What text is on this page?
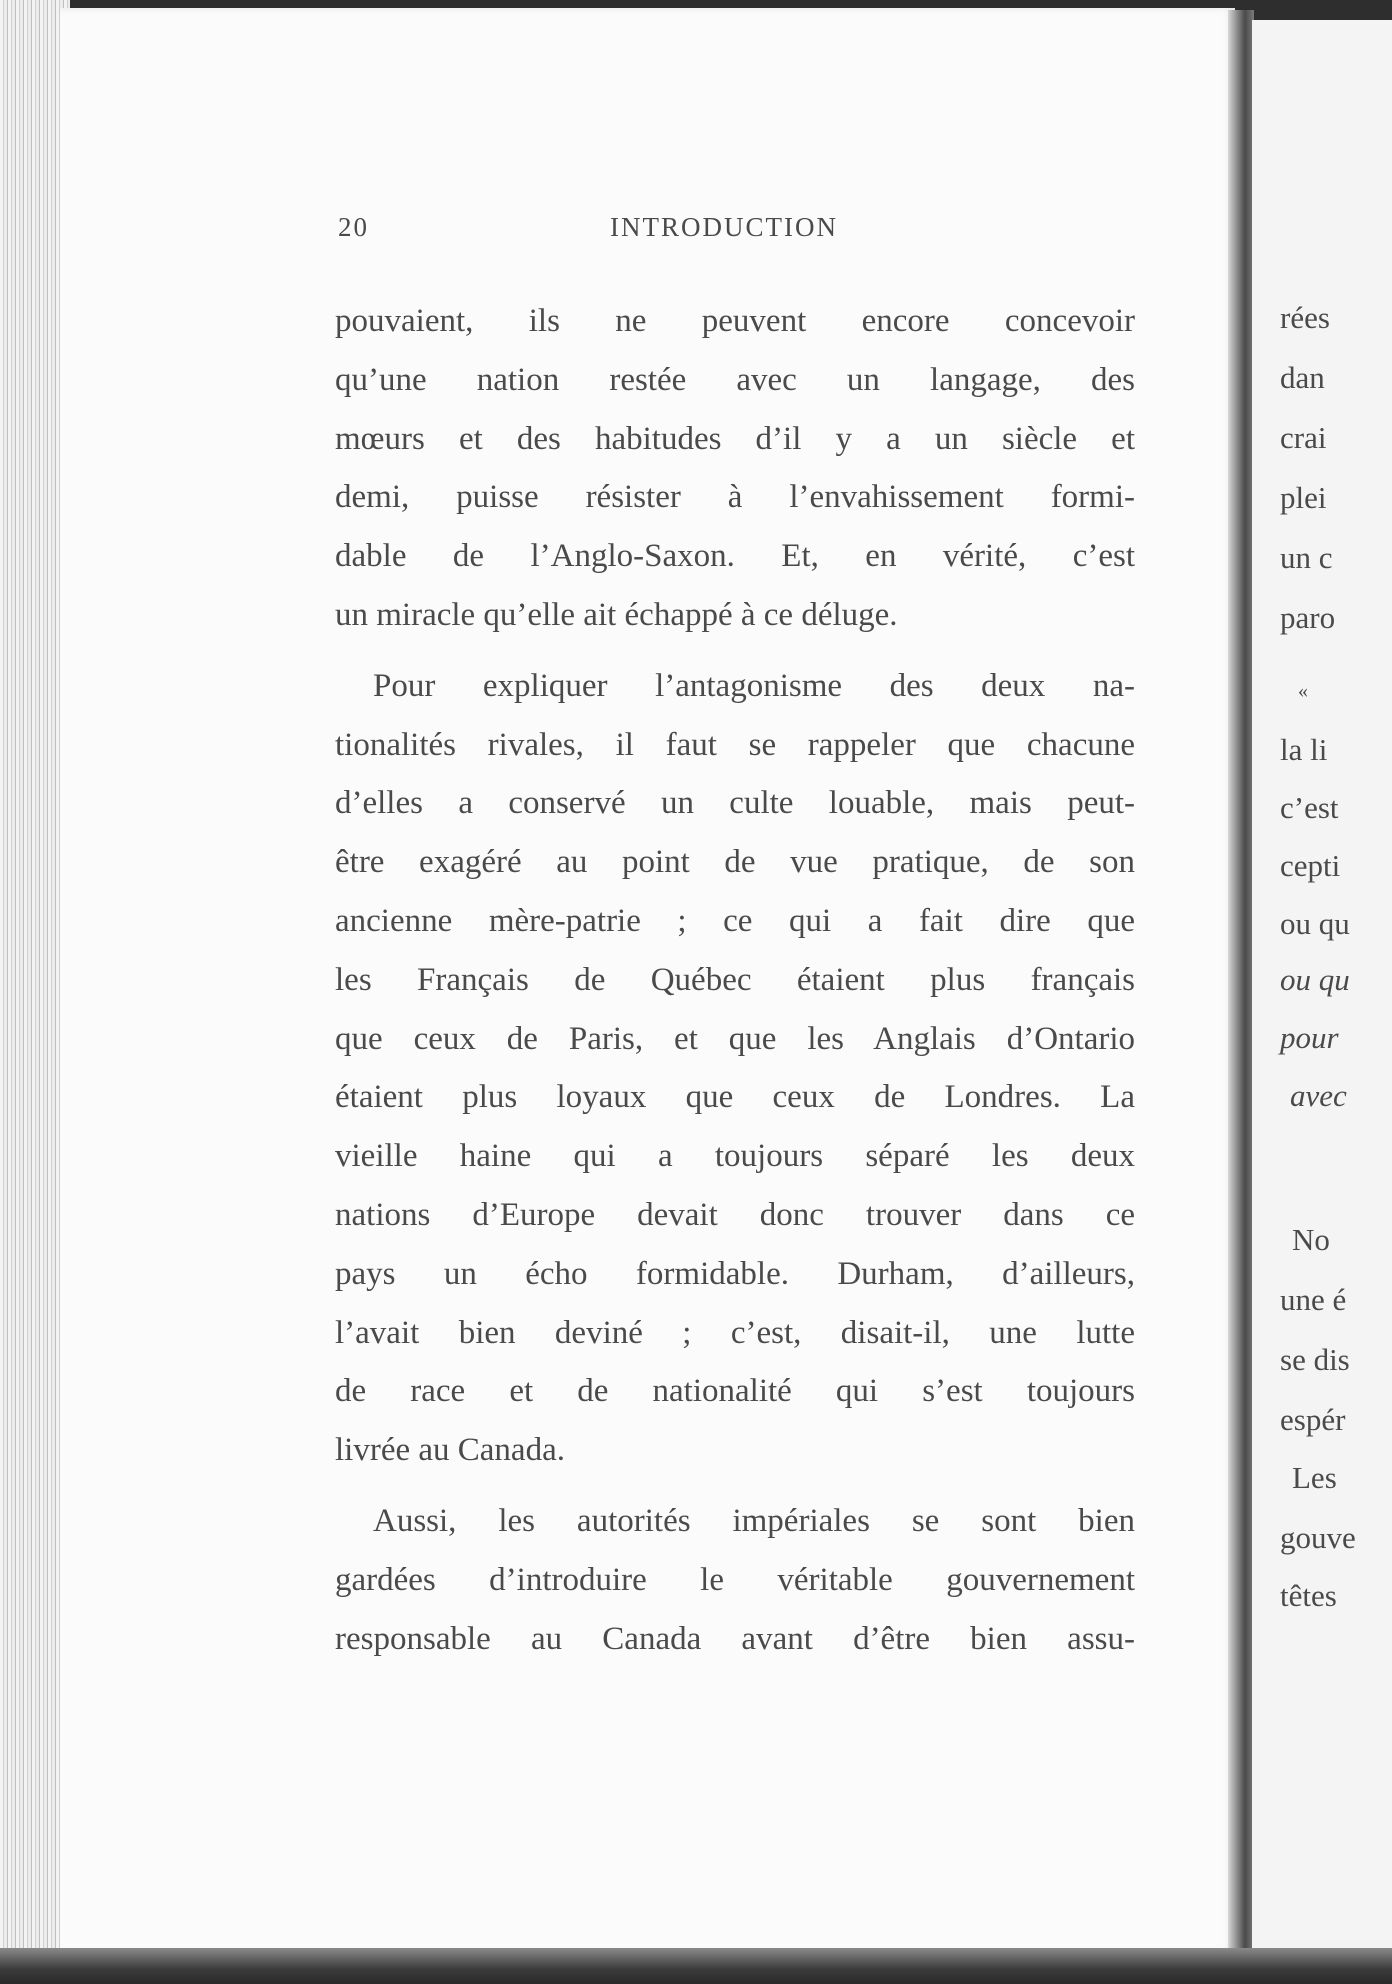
rées
dan
crai
plei
un c
paro
«
la li
c’est
cepti
ou qu
ou qu
pour
avec
No
une é
se dis
espér
Les
gouve
têtes
20	INTRODUCTION
pouvaient, ils ne peuvent encore concevoir
qu’une nation restée avec un langage, des
mœurs et des habitudes d’il y a un siècle et
demi, puisse résister à l’envahissement formi-
dable de l’Anglo-Saxon. Et, en vérité, c’est
un miracle qu’elle ait échappé à ce déluge.
Pour expliquer l’antagonisme des deux na-
tionalités rivales, il faut se rappeler que chacune
d’elles a conservé un culte louable, mais peut-
être exagéré au point de vue pratique, de son
ancienne mère-patrie ; ce qui a fait dire que
les Français de Québec étaient plus français
que ceux de Paris, et que les Anglais d’Ontario
étaient plus loyaux que ceux de Londres. La
vieille haine qui a toujours séparé les deux
nations d’Europe devait donc trouver dans ce
pays un écho formidable. Durham, d’ailleurs,
l’avait bien deviné ; c’est, disait-il, une lutte
de race et de nationalité qui s’est toujours
livrée au Canada.
Aussi, les autorités impériales se sont bien
gardées d’introduire le véritable gouvernement
responsable au Canada avant d’être bien assu-
